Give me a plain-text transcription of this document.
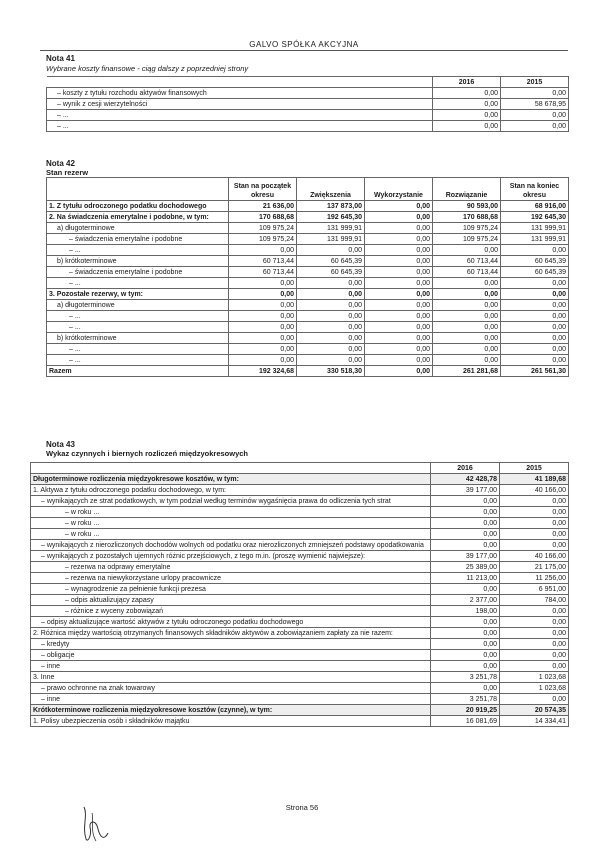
GALVO SPÓŁKA AKCYJNA
Nota 41
Wybrane koszty finansowe - ciąg dalszy z poprzedniej strony
	2016	2015
– koszty z tytułu rozchodu aktywów finansowych	0,00	0,00
– wynik z cesji wierzytelności	0,00	58 678,95
– ...	0,00	0,00
– ...	0,00	0,00
Nota 42
Stan rezerw
	Stan na początek okresu	Zwiększenia	Wykorzystanie	Rozwiązanie	Stan na koniec okresu
1. Z tytułu odroczonego podatku dochodowego	21 636,00	137 873,00	0,00	90 593,00	68 916,00
2. Na świadczenia emerytalne i podobne, w tym:	170 688,68	192 645,30	0,00	170 688,68	192 645,30
a) długoterminowe	109 975,24	131 999,91	0,00	109 975,24	131 999,91
– świadczenia emerytalne i podobne	109 975,24	131 999,91	0,00	109 975,24	131 999,91
– ...	0,00	0,00	0,00	0,00	0,00
b) krótkoterminowe	60 713,44	60 645,39	0,00	60 713,44	60 645,39
– świadczenia emerytalne i podobne	60 713,44	60 645,39	0,00	60 713,44	60 645,39
– ...	0,00	0,00	0,00	0,00	0,00
3. Pozostałe rezerwy, w tym:	0,00	0,00	0,00	0,00	0,00
a) długoterminowe	0,00	0,00	0,00	0,00	0,00
– ...	0,00	0,00	0,00	0,00	0,00
– ...	0,00	0,00	0,00	0,00	0,00
b) krótkoterminowe	0,00	0,00	0,00	0,00	0,00
– ...	0,00	0,00	0,00	0,00	0,00
– ...	0,00	0,00	0,00	0,00	0,00
Razem	192 324,68	330 518,30	0,00	261 281,68	261 561,30
Nota 43
Wykaz czynnych i biernych rozliczeń międzyokresowych
	2016	2015
Długoterminowe rozliczenia międzyokresowe kosztów, w tym:	42 428,78	41 189,68
1. Aktywa z tytułu odroczonego podatku dochodowego, w tym:	39 177,00	40 166,00
– wynikających ze strat podatkowych, w tym podział według terminów wygaśnięcia prawa do odliczenia tych strat	0,00	0,00
– w roku ...	0,00	0,00
– w roku ...	0,00	0,00
– w roku ...	0,00	0,00
– wynikających z nierozliczonych dochodów wolnych od podatku oraz nierozliczonych zmniejszeń podstawy opodatkowania	0,00	0,00
– wynikających z pozostałych ujemnych różnic przejściowych, z tego m.in. (proszę wymienić najwiejsze):	39 177,00	40 166,00
– rezerwa na odprawy emerytalne	25 389,00	21 175,00
– rezerwa na niewykorzystane urlopy pracownicze	11 213,00	11 256,00
– wynagrodzenie za pełnienie funkcji prezesa	0,00	6 951,00
– odpis aktualizujący zapasy	2 377,00	784,00
– różnice z wyceny zobowiązań	198,00	0,00
– odpisy aktualizujące wartość aktywów z tytułu odroczonego podatku dochodowego	0,00	0,00
2. Różnica między wartością otrzymanych finansowych składników aktywów a zobowiązaniem zapłaty za nie razem:	0,00	0,00
– kredyty	0,00	0,00
– obligacje	0,00	0,00
– inne	0,00	0,00
3. Inne	3 251,78	1 023,68
– prawo ochronne na znak towarowy	0,00	1 023,68
– inne	3 251,78	0,00
Krótkoterminowe rozliczenia międzyokresowe kosztów (czynne), w tym:	20 919,25	20 574,35
1. Polisy ubezpieczenia osób i składników majątku	16 081,69	14 334,41
Strona 56
